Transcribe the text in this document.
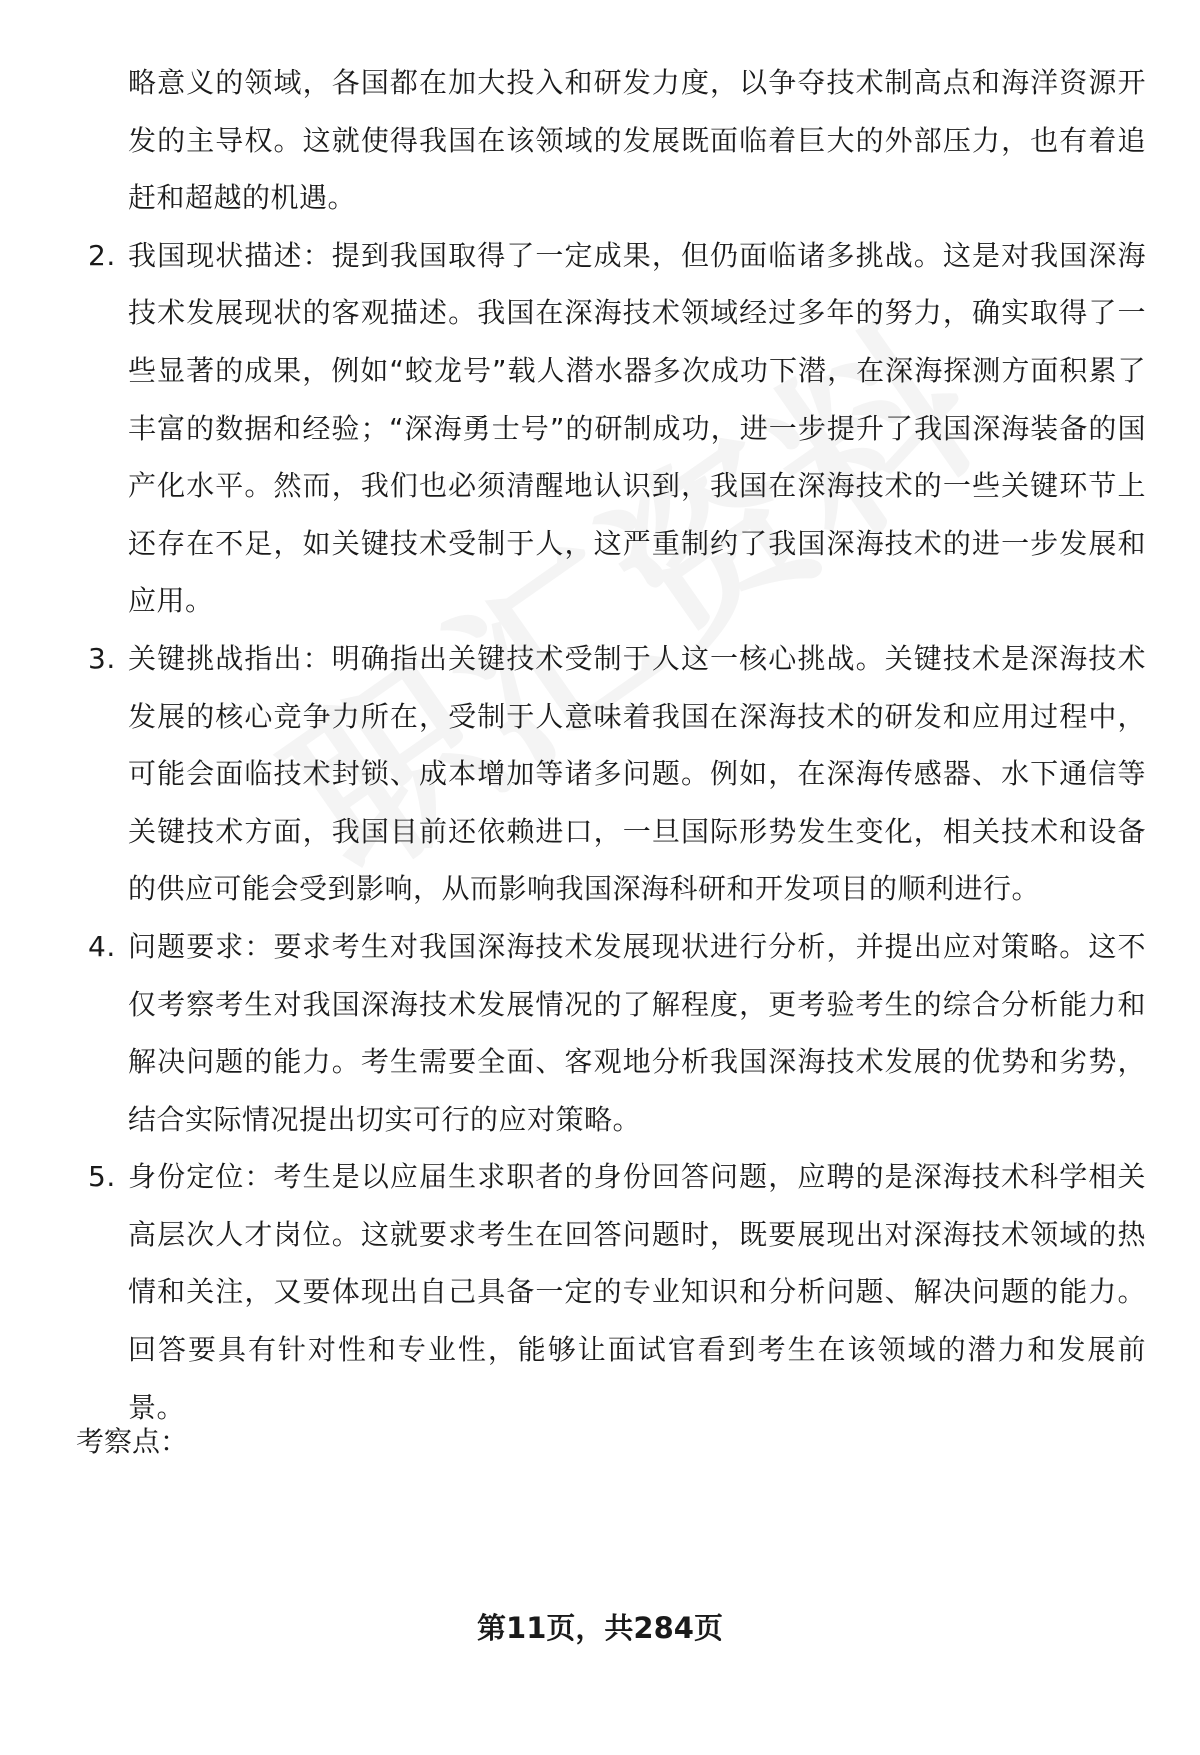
略意义的领域，各国都在加大投入和研发力度，以争夺技术制高点和海洋资源开发的主导权。这就使得我国在该领域的发展既面临着巨大的外部压力，也有着追赶和超越的机遇。
2. 我国现状描述：提到我国取得了一定成果，但仍面临诸多挑战。这是对我国深海技术发展现状的客观描述。我国在深海技术领域经过多年的努力，确实取得了一些显著的成果，例如“蛟龙号”载人潜水器多次成功下潜，在深海探测方面积累了丰富的数据和经验；“深海勇士号”的研制成功，进一步提升了我国深海装备的国产化水平。然而，我们也必须清醒地认识到，我国在深海技术的一些关键环节上还存在不足，如关键技术受制于人，这严重制约了我国深海技术的进一步发展和应用。
3. 关键挑战指出：明确指出关键技术受制于人这一核心挑战。关键技术是深海技术发展的核心竞争力所在，受制于人意味着我国在深海技术的研发和应用过程中，可能会面临技术封锁、成本增加等诸多问题。例如，在深海传感器、水下通信等关键技术方面，我国目前还依赖进口，一旦国际形势发生变化，相关技术和设备的供应可能会受到影响，从而影响我国深海科研和开发项目的顺利进行。
4. 问题要求：要求考生对我国深海技术发展现状进行分析，并提出应对策略。这不仅考察考生对我国深海技术发展情况的了解程度，更考验考生的综合分析能力和解决问题的能力。考生需要全面、客观地分析我国深海技术发展的优势和劣势，结合实际情况提出切实可行的应对策略。
5. 身份定位：考生是以应届生求职者的身份回答问题，应聘的是深海技术科学相关高层次人才岗位。这就要求考生在回答问题时，既要展现出对深海技术领域的热情和关注，又要体现出自己具备一定的专业知识和分析问题、解决问题的能力。回答要具有针对性和专业性，能够让面试官看到考生在该领域的潜力和发展前景。
考察点：
第11页，共284页
